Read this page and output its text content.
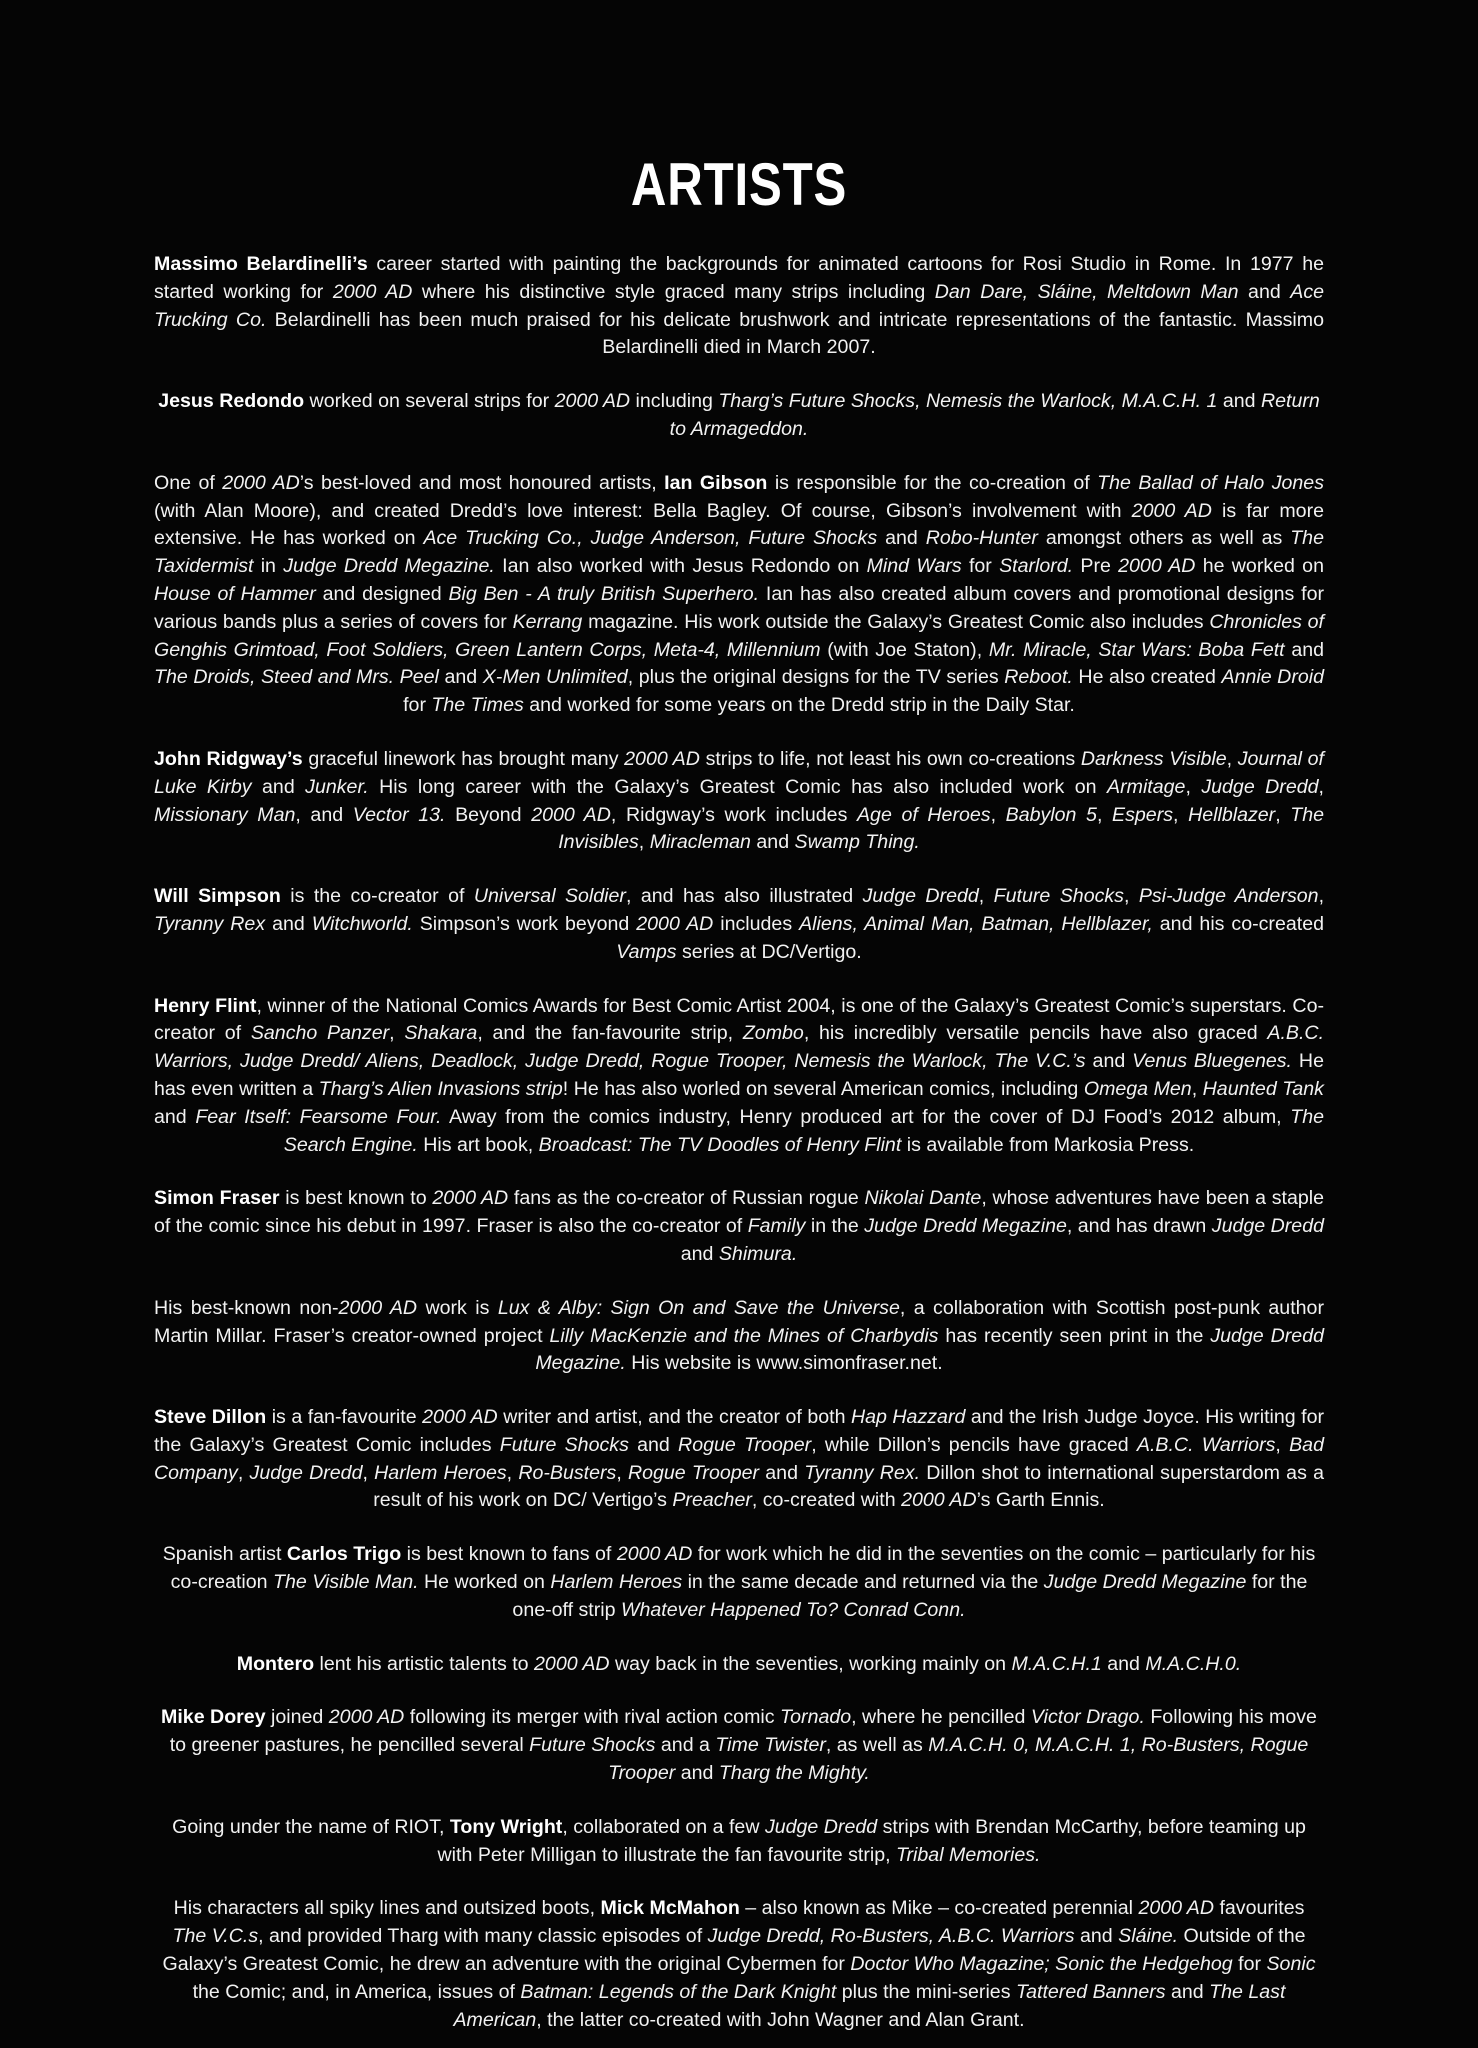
ARTISTS

Massimo Belardinelli’s career started with painting the backgrounds for animated cartoons for Rosi Studio in Rome. In 1977 he started working for 2000 AD where his distinctive style graced many strips including Dan Dare, Sláine, Meltdown Man and Ace Trucking Co. Belardinelli has been much praised for his delicate brushwork and intricate representations of the fantastic. Massimo Belardinelli died in March 2007.

Jesus Redondo worked on several strips for 2000 AD including Tharg’s Future Shocks, Nemesis the Warlock, M.A.C.H. 1 and Return to Armageddon.

One of 2000 AD’s best-loved and most honoured artists, Ian Gibson is responsible for the co-creation of The Ballad of Halo Jones (with Alan Moore), and created Dredd’s love interest: Bella Bagley. Of course, Gibson’s involvement with 2000 AD is far more extensive. He has worked on Ace Trucking Co., Judge Anderson, Future Shocks and Robo-Hunter amongst others as well as The Taxidermist in Judge Dredd Megazine. Ian also worked with Jesus Redondo on Mind Wars for Starlord. Pre 2000 AD he worked on House of Hammer and designed Big Ben - A truly British Superhero. Ian has also created album covers and promotional designs for various bands plus a series of covers for Kerrang magazine. His work outside the Galaxy’s Greatest Comic also includes Chronicles of Genghis Grimtoad, Foot Soldiers, Green Lantern Corps, Meta-4, Millennium (with Joe Staton), Mr. Miracle, Star Wars: Boba Fett and The Droids, Steed and Mrs. Peel and X-Men Unlimited, plus the original designs for the TV series Reboot. He also created Annie Droid for The Times and worked for some years on the Dredd strip in the Daily Star.

John Ridgway’s graceful linework has brought many 2000 AD strips to life, not least his own co-creations Darkness Visible, Journal of Luke Kirby and Junker. His long career with the Galaxy’s Greatest Comic has also included work on Armitage, Judge Dredd, Missionary Man, and Vector 13. Beyond 2000 AD, Ridgway’s work includes Age of Heroes, Babylon 5, Espers, Hellblazer, The Invisibles, Miracleman and Swamp Thing.

Will Simpson is the co-creator of Universal Soldier, and has also illustrated Judge Dredd, Future Shocks, Psi-Judge Anderson, Tyranny Rex and Witchworld. Simpson’s work beyond 2000 AD includes Aliens, Animal Man, Batman, Hellblazer, and his co-created Vamps series at DC/Vertigo.

Henry Flint, winner of the National Comics Awards for Best Comic Artist 2004, is one of the Galaxy’s Greatest Comic’s superstars. Co-creator of Sancho Panzer, Shakara, and the fan-favourite strip, Zombo, his incredibly versatile pencils have also graced A.B.C. Warriors, Judge Dredd/ Aliens, Deadlock, Judge Dredd, Rogue Trooper, Nemesis the Warlock, The V.C.’s and Venus Bluegenes. He has even written a Tharg’s Alien Invasions strip! He has also worled on several American comics, including Omega Men, Haunted Tank and Fear Itself: Fearsome Four. Away from the comics industry, Henry produced art for the cover of DJ Food’s 2012 album, The Search Engine. His art book, Broadcast: The TV Doodles of Henry Flint is available from Markosia Press.

Simon Fraser is best known to 2000 AD fans as the co-creator of Russian rogue Nikolai Dante, whose adventures have been a staple of the comic since his debut in 1997. Fraser is also the co-creator of Family in the Judge Dredd Megazine, and has drawn Judge Dredd and Shimura.

His best-known non-2000 AD work is Lux & Alby: Sign On and Save the Universe, a collaboration with Scottish post-punk author Martin Millar. Fraser’s creator-owned project Lilly MacKenzie and the Mines of Charbydis has recently seen print in the Judge Dredd Megazine. His website is www.simonfraser.net.

Steve Dillon is a fan-favourite 2000 AD writer and artist, and the creator of both Hap Hazzard and the Irish Judge Joyce. His writing for the Galaxy’s Greatest Comic includes Future Shocks and Rogue Trooper, while Dillon’s pencils have graced A.B.C. Warriors, Bad Company, Judge Dredd, Harlem Heroes, Ro-Busters, Rogue Trooper and Tyranny Rex. Dillon shot to international superstardom as a result of his work on DC/ Vertigo’s Preacher, co-created with 2000 AD’s Garth Ennis.

Spanish artist Carlos Trigo is best known to fans of 2000 AD for work which he did in the seventies on the comic – particularly for his co-creation The Visible Man. He worked on Harlem Heroes in the same decade and returned via the Judge Dredd Megazine for the one-off strip Whatever Happened To? Conrad Conn.

Montero lent his artistic talents to 2000 AD way back in the seventies, working mainly on M.A.C.H.1 and M.A.C.H.0.

Mike Dorey joined 2000 AD following its merger with rival action comic Tornado, where he pencilled Victor Drago. Following his move to greener pastures, he pencilled several Future Shocks and a Time Twister, as well as M.A.C.H. 0, M.A.C.H. 1, Ro-Busters, Rogue Trooper and Tharg the Mighty.

Going under the name of RIOT, Tony Wright, collaborated on a few Judge Dredd strips with Brendan McCarthy, before teaming up with Peter Milligan to illustrate the fan favourite strip, Tribal Memories.

His characters all spiky lines and outsized boots, Mick McMahon – also known as Mike – co-created perennial 2000 AD favourites The V.C.s, and provided Tharg with many classic episodes of Judge Dredd, Ro-Busters, A.B.C. Warriors and Sláine. Outside of the Galaxy’s Greatest Comic, he drew an adventure with the original Cybermen for Doctor Who Magazine; Sonic the Hedgehog for Sonic the Comic; and, in America, issues of Batman: Legends of the Dark Knight plus the mini-series Tattered Banners and The Last American, the latter co-created with John Wagner and Alan Grant.
